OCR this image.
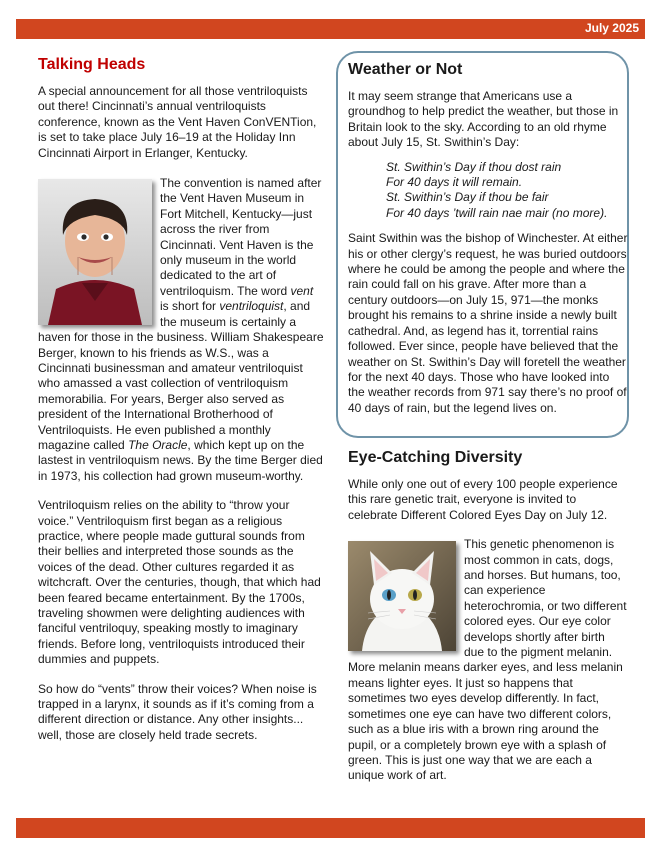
July 2025
Talking Heads

A special announcement for all those ventriloquists out there! Cincinnati’s annual ventriloquists conference, known as the Vent Haven ConVENTion, is set to take place July 16–19 at the Holiday Inn Cincinnati Airport in Erlanger, Kentucky.

The convention is named after the Vent Haven Museum in Fort Mitchell, Kentucky—just across the river from Cincinnati. Vent Haven is the only museum in the world dedicated to the art of ventriloquism. The word vent is short for ventriloquist, and the museum is certainly a haven for those in the business. William Shakespeare Berger, known to his friends as W.S., was a Cincinnati businessman and amateur ventriloquist who amassed a vast collection of ventriloquism memorabilia. For years, Berger also served as president of the International Brotherhood of Ventriloquists. He even published a monthly magazine called The Oracle, which kept up on the lastest in ventriloquism news. By the time Berger died in 1973, his collection had grown museum-worthy.

Ventriloquism relies on the ability to “throw your voice.” Ventriloquism first began as a religious practice, where people made guttural sounds from their bellies and interpreted those sounds as the voices of the dead. Other cultures regarded it as witchcraft. Over the centuries, though, that which had been feared became entertainment. By the 1700s, traveling showmen were delighting audiences with fanciful ventriloquy, speaking mostly to imaginary friends. Before long, ventriloquists introduced their dummies and puppets.

So how do “vents” throw their voices? When noise is trapped in a larynx, it sounds as if it’s coming from a different direction or distance. Any other insights... well, those are closely held trade secrets.

Weather or Not

It may seem strange that Americans use a groundhog to help predict the weather, but those in Britain look to the sky. According to an old rhyme about July 15, St. Swithin’s Day:

St. Swithin’s Day if thou dost rain
For 40 days it will remain.
St. Swithin’s Day if thou be fair
For 40 days ’twill rain nae mair (no more).

Saint Swithin was the bishop of Winchester. At either his or other clergy’s request, he was buried outdoors where he could be among the people and where the rain could fall on his grave. After more than a century outdoors—on July 15, 971—the monks brought his remains to a shrine inside a newly built cathedral. And, as legend has it, torrential rains followed. Ever since, people have believed that the weather on St. Swithin’s Day will foretell the weather for the next 40 days. Those who have looked into the weather records from 971 say there’s no proof of 40 days of rain, but the legend lives on.

Eye-Catching Diversity

While only one out of every 100 people experience this rare genetic trait, everyone is invited to celebrate Different Colored Eyes Day on July 12.

This genetic phenomenon is most common in cats, dogs, and horses. But humans, too, can experience heterochromia, or two different colored eyes. Our eye color develops shortly after birth due to the pigment melanin. More melanin means darker eyes, and less melanin means lighter eyes. It just so happens that sometimes two eyes develop differently. In fact, sometimes one eye can have two different colors, such as a blue iris with a brown ring around the pupil, or a completely brown eye with a splash of green. This is just one way that we are each a unique work of art.
